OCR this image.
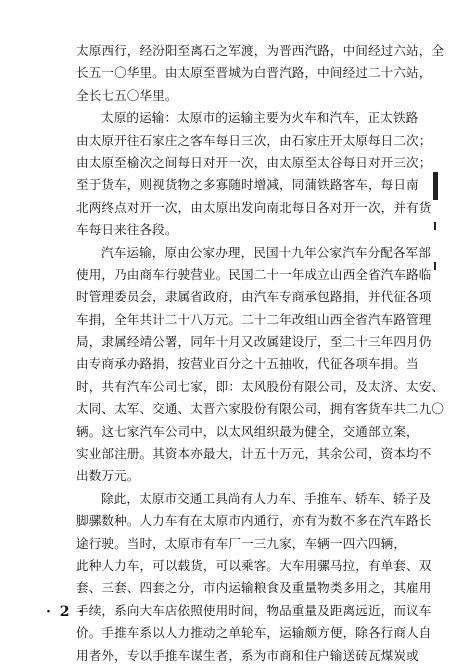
太原西行，经汾阳至离石之军渡，为晋西汽路，中间经过六站，全
长五一〇华里。由太原至晋城为白晋汽路，中间经过二十六站，
全长七五〇华里。
太原的运输：太原市的运输主要为火车和汽车，正太铁路
由太原开往石家庄之客车每日三次，由石家庄开太原每日二次；
由太原至榆次之间每日对开一次，由太原至太谷每日对开三次；
至于货车，则视货物之多寡随时增减，同蒲铁路客车，每日南
北两终点对开一次，由太原出发向南北每日各对开一次，并有货
车每日来往各段。
汽车运输，原由公家办理，民国十九年公家汽车分配各军部
使用，乃由商车行驶营业。民国二十一年成立山西全省汽车路临
时管理委员会，隶属省政府，由汽车专商承包路捐，并代征各项
车捐，全年共计二十八万元。二十二年改组山西全省汽车路管理
局，隶属经靖公署，同年十月又改属建设厅，至二十三年四月仍
由专商承办路捐，按营业百分之十五抽收，代征各项车捐。当
时，共有汽车公司七家，即：太风股份有限公司，及太济、太安、
太同、太军、交通、太晋六家股份有限公司，拥有客货车共二九〇
辆。这七家汽车公司中，以太风组织最为健全，交通部立案，
实业部注册。其资本亦最大，计五十万元，其余公司，资本均不
出数万元。
除此，太原市交通工具尚有人力车、手推车、轿车、轿子及
脚骡数种。人力车有在太原市内通行，亦有为数不多在汽车路长
途行驶。当时，太原市有车厂一三九家，车辆一四六四辆，
此种人力车，可以载货，可以乘客。大车用骡马拉，有单套、双
套、三套、四套之分，市内运输粮食及重量物类多用之，其雇用
手续，系向大车店依照使用时间，物品重量及距离远近，而议车
价。手推车系以人力推动之单轮车，运输颇方便，除各行商人自
用者外，专以手推车谋生者，系为市商和住户输送砖瓦煤炭或
· 2 ·
